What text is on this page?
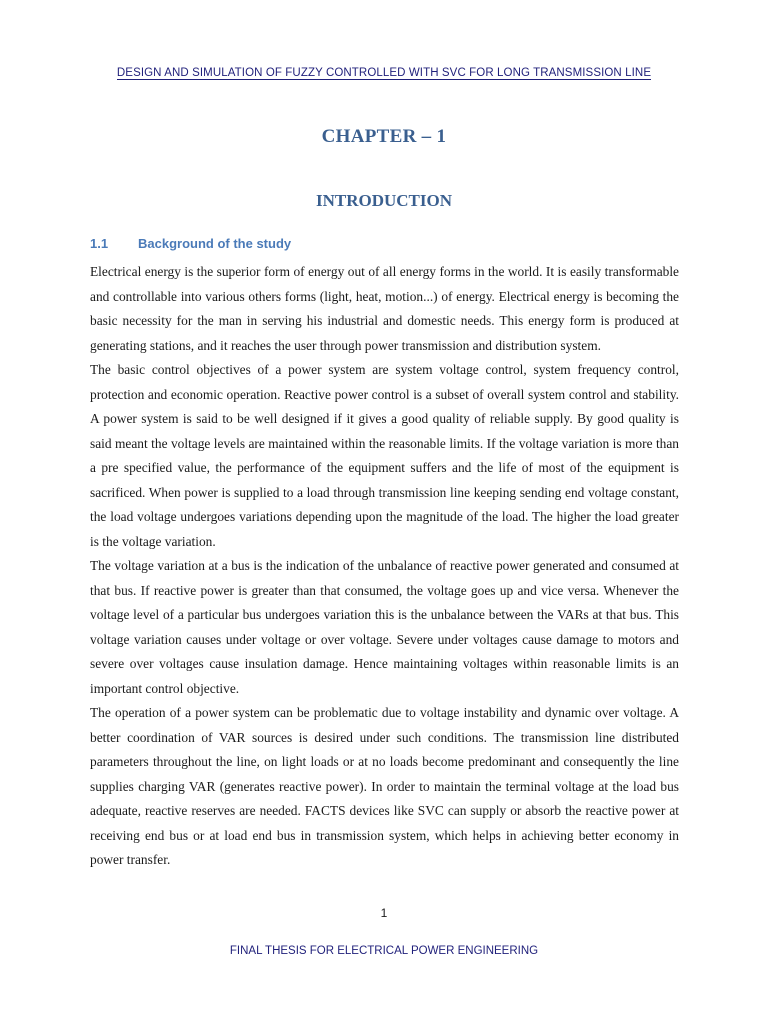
DESIGN AND SIMULATION OF FUZZY CONTROLLED WITH SVC FOR LONG TRANSMISSION LINE
CHAPTER – 1
INTRODUCTION
1.1 Background of the study

Electrical energy is the superior form of energy out of all energy forms in the world. It is easily transformable and controllable into various others forms (light, heat, motion...) of energy. Electrical energy is becoming the basic necessity for the man in serving his industrial and domestic needs. This energy form is produced at generating stations, and it reaches the user through power transmission and distribution system.

The basic control objectives of a power system are system voltage control, system frequency control, protection and economic operation. Reactive power control is a subset of overall system control and stability. A power system is said to be well designed if it gives a good quality of reliable supply. By good quality is said meant the voltage levels are maintained within the reasonable limits. If the voltage variation is more than a pre specified value, the performance of the equipment suffers and the life of most of the equipment is sacrificed. When power is supplied to a load through transmission line keeping sending end voltage constant, the load voltage undergoes variations depending upon the magnitude of the load. The higher the load greater is the voltage variation.

The voltage variation at a bus is the indication of the unbalance of reactive power generated and consumed at that bus. If reactive power is greater than that consumed, the voltage goes up and vice versa. Whenever the voltage level of a particular bus undergoes variation this is the unbalance between the VARs at that bus. This voltage variation causes under voltage or over voltage. Severe under voltages cause damage to motors and severe over voltages cause insulation damage. Hence maintaining voltages within reasonable limits is an important control objective.

The operation of a power system can be problematic due to voltage instability and dynamic over voltage. A better coordination of VAR sources is desired under such conditions. The transmission line distributed parameters throughout the line, on light loads or at no loads become predominant and consequently the line supplies charging VAR (generates reactive power). In order to maintain the terminal voltage at the load bus adequate, reactive reserves are needed. FACTS devices like SVC can supply or absorb the reactive power at receiving end bus or at load end bus in transmission system, which helps in achieving better economy in power transfer.

1
FINAL THESIS FOR ELECTRICAL POWER ENGINEERING
